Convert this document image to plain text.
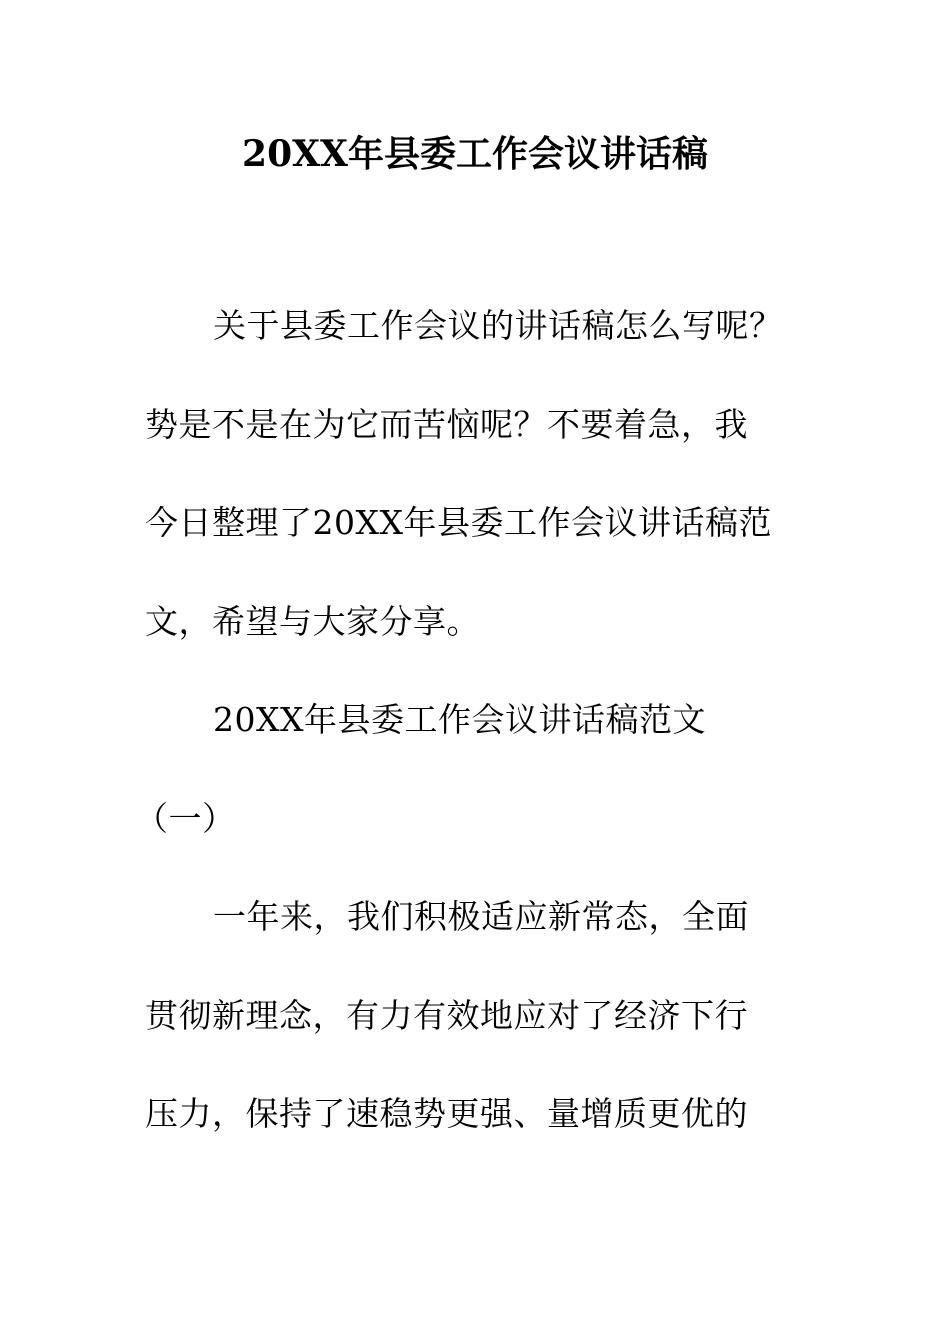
20XX年县委工作会议讲话稿
关于县委工作会议的讲话稿怎么写呢？
势是不是在为它而苦恼呢？不要着急，我
今日整理了20XX年县委工作会议讲话稿范
文，希望与大家分享。
20XX年县委工作会议讲话稿范文
（一）
一年来，我们积极适应新常态，全面
贯彻新理念，有力有效地应对了经济下行
压力，保持了速稳势更强、量增质更优的
